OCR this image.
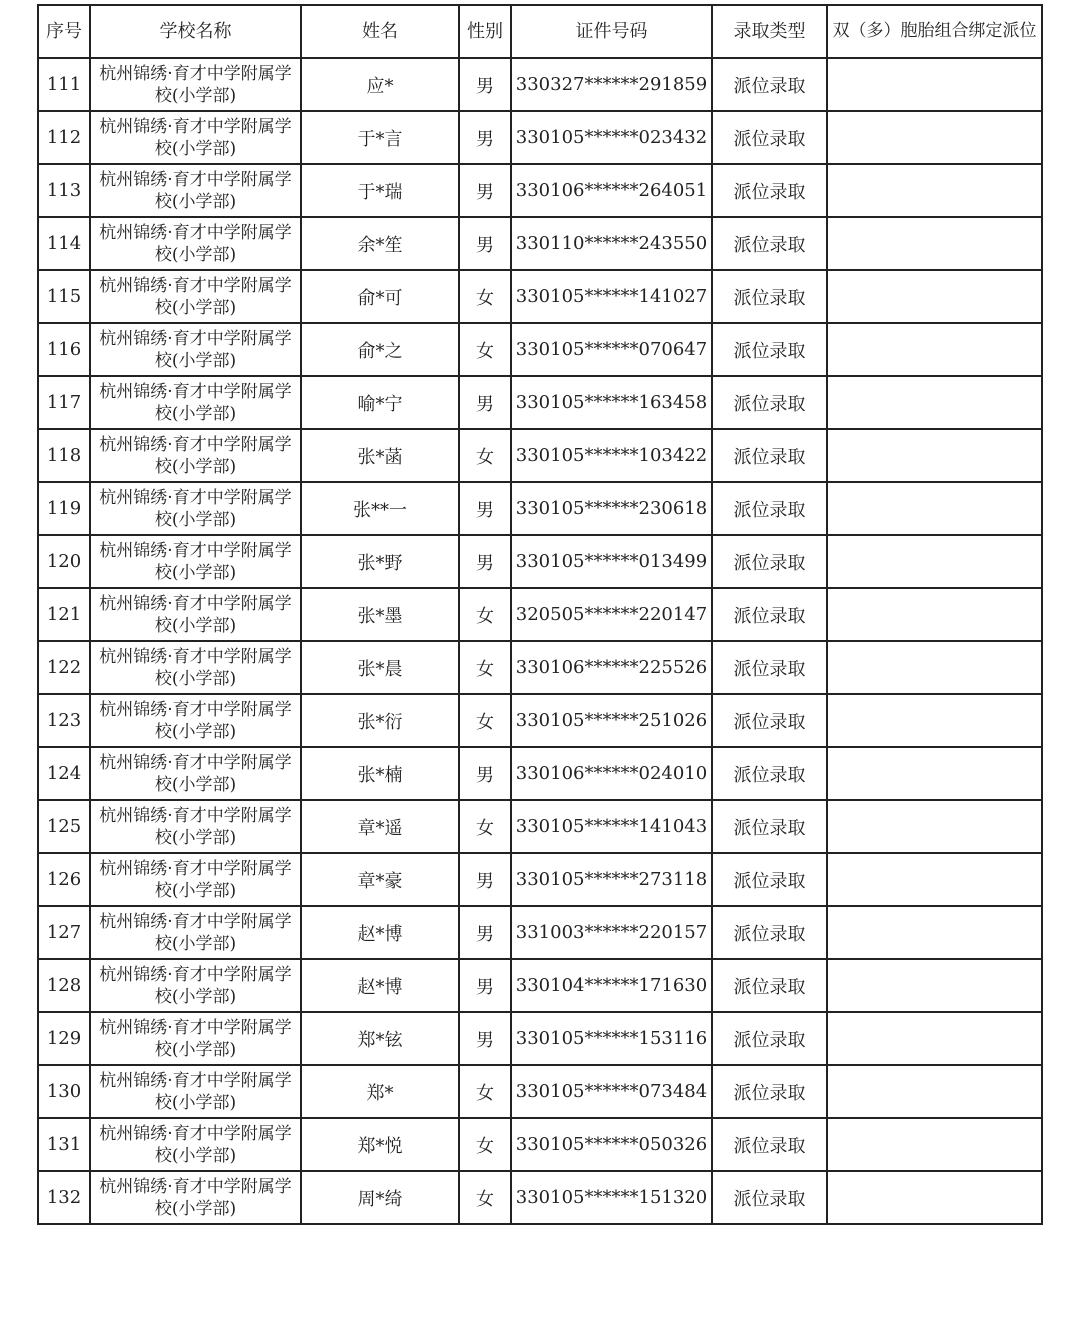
序号	学校名称	姓名	性别	证件号码	录取类型	双（多）胞胎组合绑定派位
111	杭州锦绣·育才中学附属学校(小学部)	应*	男	330327******291859	派位录取	
112	杭州锦绣·育才中学附属学校(小学部)	于*言	男	330105******023432	派位录取	
113	杭州锦绣·育才中学附属学校(小学部)	于*瑞	男	330106******264051	派位录取	
114	杭州锦绣·育才中学附属学校(小学部)	余*笙	男	330110******243550	派位录取	
115	杭州锦绣·育才中学附属学校(小学部)	俞*可	女	330105******141027	派位录取	
116	杭州锦绣·育才中学附属学校(小学部)	俞*之	女	330105******070647	派位录取	
117	杭州锦绣·育才中学附属学校(小学部)	喻*宁	男	330105******163458	派位录取	
118	杭州锦绣·育才中学附属学校(小学部)	张*菡	女	330105******103422	派位录取	
119	杭州锦绣·育才中学附属学校(小学部)	张**一	男	330105******230618	派位录取	
120	杭州锦绣·育才中学附属学校(小学部)	张*野	男	330105******013499	派位录取	
121	杭州锦绣·育才中学附属学校(小学部)	张*墨	女	320505******220147	派位录取	
122	杭州锦绣·育才中学附属学校(小学部)	张*晨	女	330106******225526	派位录取	
123	杭州锦绣·育才中学附属学校(小学部)	张*衍	女	330105******251026	派位录取	
124	杭州锦绣·育才中学附属学校(小学部)	张*楠	男	330106******024010	派位录取	
125	杭州锦绣·育才中学附属学校(小学部)	章*遥	女	330105******141043	派位录取	
126	杭州锦绣·育才中学附属学校(小学部)	章*豪	男	330105******273118	派位录取	
127	杭州锦绣·育才中学附属学校(小学部)	赵*博	男	331003******220157	派位录取	
128	杭州锦绣·育才中学附属学校(小学部)	赵*博	男	330104******171630	派位录取	
129	杭州锦绣·育才中学附属学校(小学部)	郑*铉	男	330105******153116	派位录取	
130	杭州锦绣·育才中学附属学校(小学部)	郑*	女	330105******073484	派位录取	
131	杭州锦绣·育才中学附属学校(小学部)	郑*悦	女	330105******050326	派位录取	
132	杭州锦绣·育才中学附属学校(小学部)	周*绮	女	330105******151320	派位录取	
